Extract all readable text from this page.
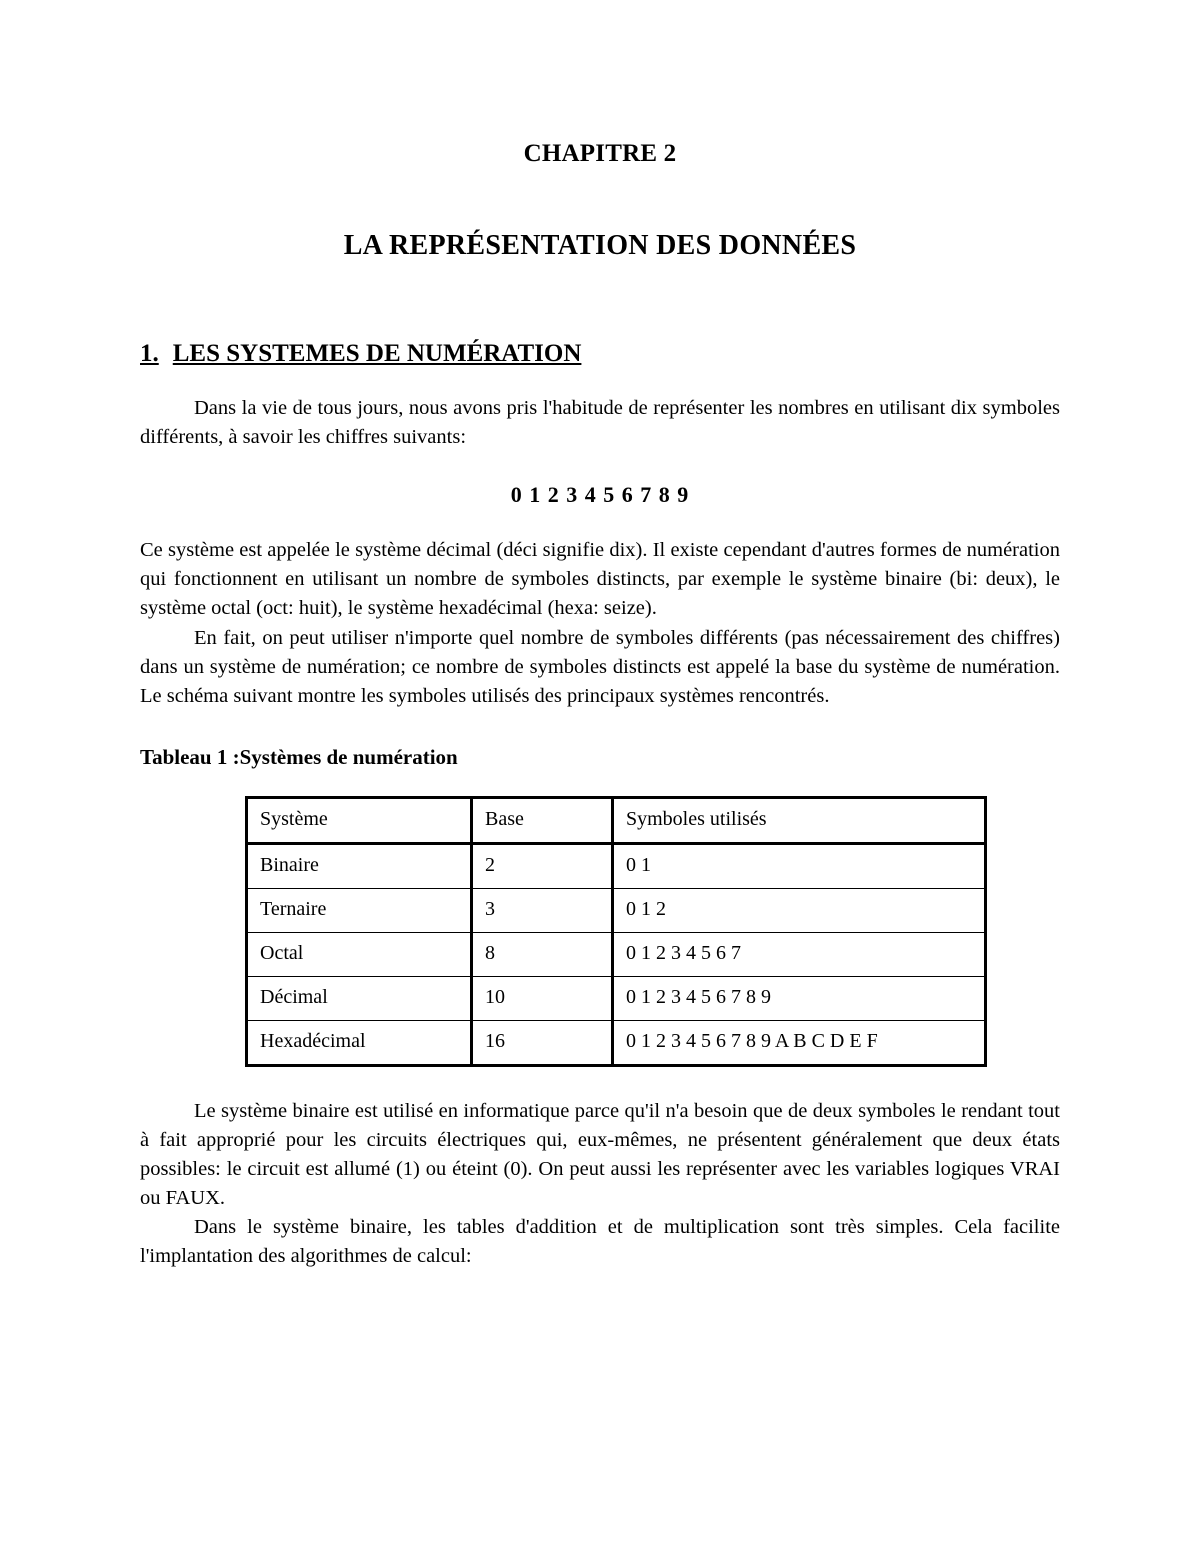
CHAPITRE 2
LA REPRÉSENTATION DES DONNÉES
1. LES SYSTEMES DE NUMÉRATION

Dans la vie de tous jours, nous avons pris l'habitude de représenter les nombres en utilisant dix symboles différents, à savoir les chiffres suivants:

0 1 2 3 4 5 6 7 8 9

Ce système est appelée le système décimal (déci signifie dix). Il existe cependant d'autres formes de numération qui fonctionnent en utilisant un nombre de symboles distincts, par exemple le système binaire (bi: deux), le système octal (oct: huit), le système hexadécimal (hexa: seize).

En fait, on peut utiliser n'importe quel nombre de symboles différents (pas nécessairement des chiffres) dans un système de numération; ce nombre de symboles distincts est appelé la base du système de numération. Le schéma suivant montre les symboles utilisés des principaux systèmes rencontrés.

Tableau 1 :Systèmes de numération
Système	Base	Symboles utilisés
Binaire	2	0 1
Ternaire	3	0 1 2
Octal	8	0 1 2 3 4 5 6 7
Décimal	10	0 1 2 3 4 5 6 7 8 9
Hexadécimal	16	0 1 2 3 4 5 6 7 8 9 A B C D E F

Le système binaire est utilisé en informatique parce qu'il n'a besoin que de deux symboles le rendant tout à fait approprié pour les circuits électriques qui, eux-mêmes, ne présentent généralement que deux états possibles: le circuit est allumé (1) ou éteint (0). On peut aussi les représenter avec les variables logiques VRAI ou FAUX.

Dans le système binaire, les tables d'addition et de multiplication sont très simples. Cela facilite l'implantation des algorithmes de calcul:
